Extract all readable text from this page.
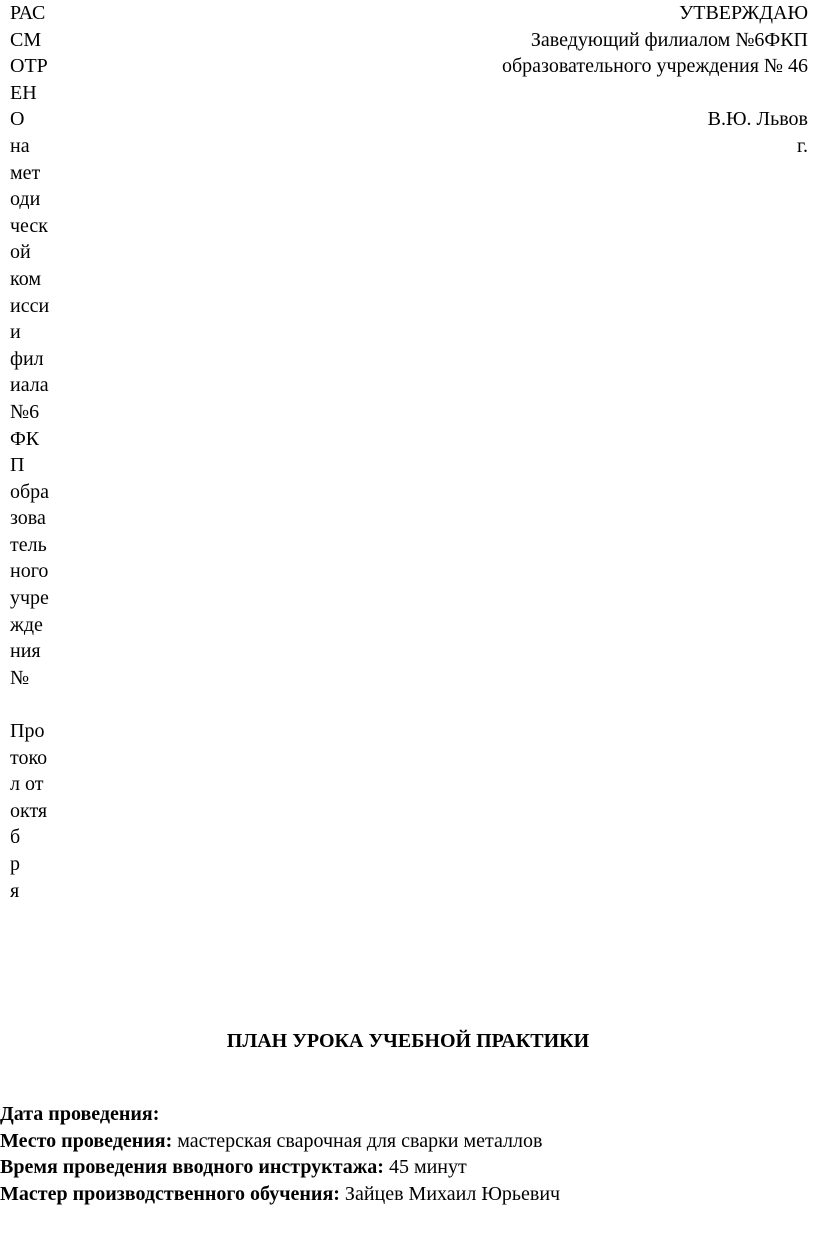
РАС
СМ
ОТР
ЕН
О
на
мет
оди
ческ
ой
ком
исси
и
фил
иала
№6
ФК
П
обра
зова
тель
ного
учре
жде
ния
№
Про
токо
л от
октя
б
р
я
УТВЕРЖДАЮ
Заведующий филиалом №6ФКП
образовательного учреждения № 46
В.Ю. Львов
г.
ПЛАН УРОКА УЧЕБНОЙ ПРАКТИКИ
Дата проведения:
Место проведения: мастерская сварочная для сварки металлов
Время проведения вводного инструктажа: 45 минут
Мастер производственного обучения: Зайцев Михаил Юрьевич
